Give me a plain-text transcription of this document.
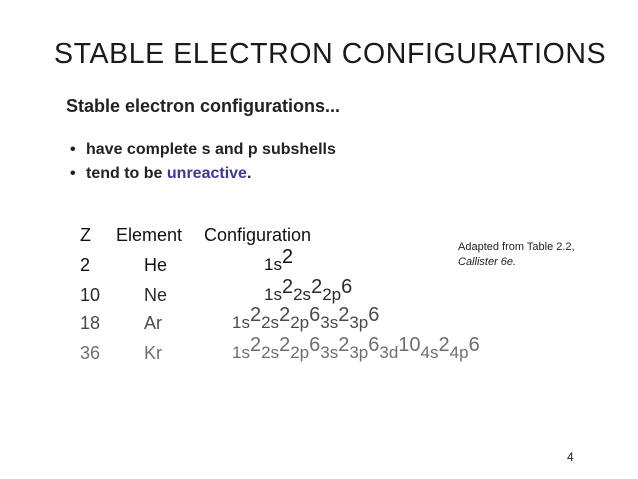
STABLE ELECTRON CONFIGURATIONS
Stable electron configurations...
• have complete s and p subshells
• tend to be unreactive.
Z Element Configuration
2	He	$1s^2$
10 Ne	$1s^22s^22p^6$
18 Ar	$1s^22s^22p^63s^23p^6$
36 Kr	$1s^22s^22p^63s^23p^63d^{10}4s^24p^6$
Adapted from Table 2.2,
Callister 6e.
4
